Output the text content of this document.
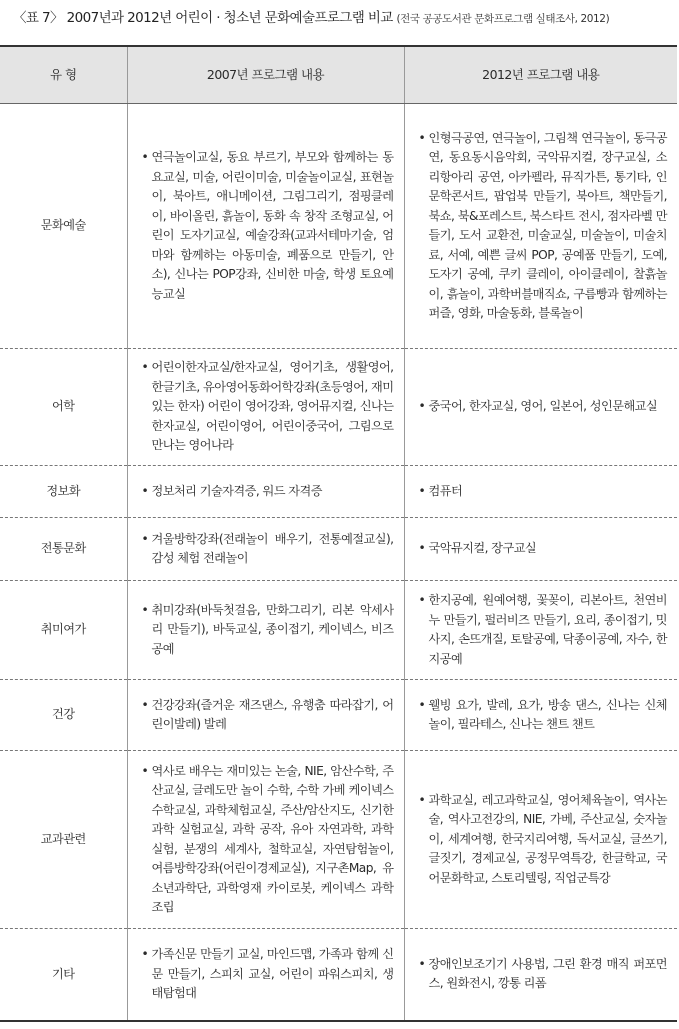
〈표 7〉 2007년과 2012년 어린이 · 청소년 문화예술프로그램 비교 (전국 공공도서관 문화프로그램 실태조사, 2012)
유 형	2007년 프로그램 내용	2012년 프로그램 내용
문화예술	• 연극놀이교실, 동요 부르기, 부모와 함께하는 동요교실, 미술, 어린이미술, 미술놀이교실, 표현놀이, 북아트, 애니메이션, 그림그리기, 점핑클레이, 바이올린, 흙놀이, 동화 속 창작 조형교실, 어린이 도자기교실, 예술강좌(교과서테마기술, 엄마와 함께하는 아동미술, 폐품으로 만들기, 안소), 신나는 POP강좌, 신비한 마술, 학생 토요예능교실	• 인형극공연, 연극놀이, 그림책 연극놀이, 동극공연, 동요동시음악회, 국악뮤지컬, 장구교실, 소리항아리 공연, 아카펠라, 뮤직가튼, 통기타, 인문학콘서트, 팝업북 만들기, 북아트, 책만들기, 북쇼, 북&포레스트, 북스타트 전시, 점자라벨 만들기, 도서 교환전, 미술교실, 미술놀이, 미술치료, 서예, 예쁜 글씨 POP, 공예품 만들기, 도예, 도자기 공예, 쿠키 클레이, 아이클레이, 찰흙놀이, 흙놀이, 과학버블매직쇼, 구름빵과 함께하는 퍼즐, 영화, 마술동화, 블록놀이

어학	• 어린이한자교실/한자교실, 영어기초, 생활영어, 한글기초, 유아영어동화어학강좌(초등영어, 재미있는 한자) 어린이 영어강좌, 영어뮤지컬, 신나는 한자교실, 어린이영어, 어린이중국어, 그림으로 만나는 영어나라	• 중국어, 한자교실, 영어, 일본어, 성인문해교실

정보화	• 정보처리 기술자격증, 워드 자격증	• 컴퓨터

전통문화	• 겨울방학강좌(전래놀이 배우기, 전통예절교실), 감성 체험 전래놀이	• 국악뮤지컬, 장구교실

취미여가	• 취미강좌(바둑첫걸음, 만화그리기, 리본 악세사리 만들기), 바둑교실, 종이접기, 케이넥스, 비즈공예	• 한지공예, 원예여행, 꽃꽂이, 리본아트, 천연비누 만들기, 펄러비즈 만들기, 요리, 종이접기, 밋사지, 손뜨개질, 토탈공예, 닥종이공예, 자수, 한지공예

건강	• 건강강좌(즐거운 재즈댄스, 유행춤 따라잡기, 어린이발레) 발레	• 웰빙 요가, 발레, 요가, 방송 댄스, 신나는 신체놀이, 필라테스, 신나는 챈트 챈트

교과관련	• 역사로 배우는 재미있는 논술, NIE, 암산수학, 주산교실, 글레도만 놀이 수학, 수학 가베 케이넥스 수학교실, 과학체험교실, 주산/암산지도, 신기한 과학 실험교실, 과학 공작, 유아 자연과학, 과학실험, 분쟁의 세계사, 철학교실, 자연탐험놀이, 여름방학강좌(어린이경제교실), 지구촌Map, 유소년과학단, 과학영재 카이로봇, 케이넥스 과학조립	• 과학교실, 레고과학교실, 영어체육놀이, 역사논술, 역사고전강의, NIE, 가베, 주산교실, 숫자놀이, 세계여행, 한국지리여행, 독서교실, 글쓰기, 글짓기, 경제교실, 공정무역특강, 한글학교, 국어문화학교, 스토리텔링, 직업군특강

기타	• 가족신문 만들기 교실, 마인드맵, 가족과 함께 신문 만들기, 스피치 교실, 어린이 파워스피치, 생태탐험대	• 장애인보조기기 사용법, 그린 환경 매직 퍼포먼스, 원화전시, 깡통 리폼
